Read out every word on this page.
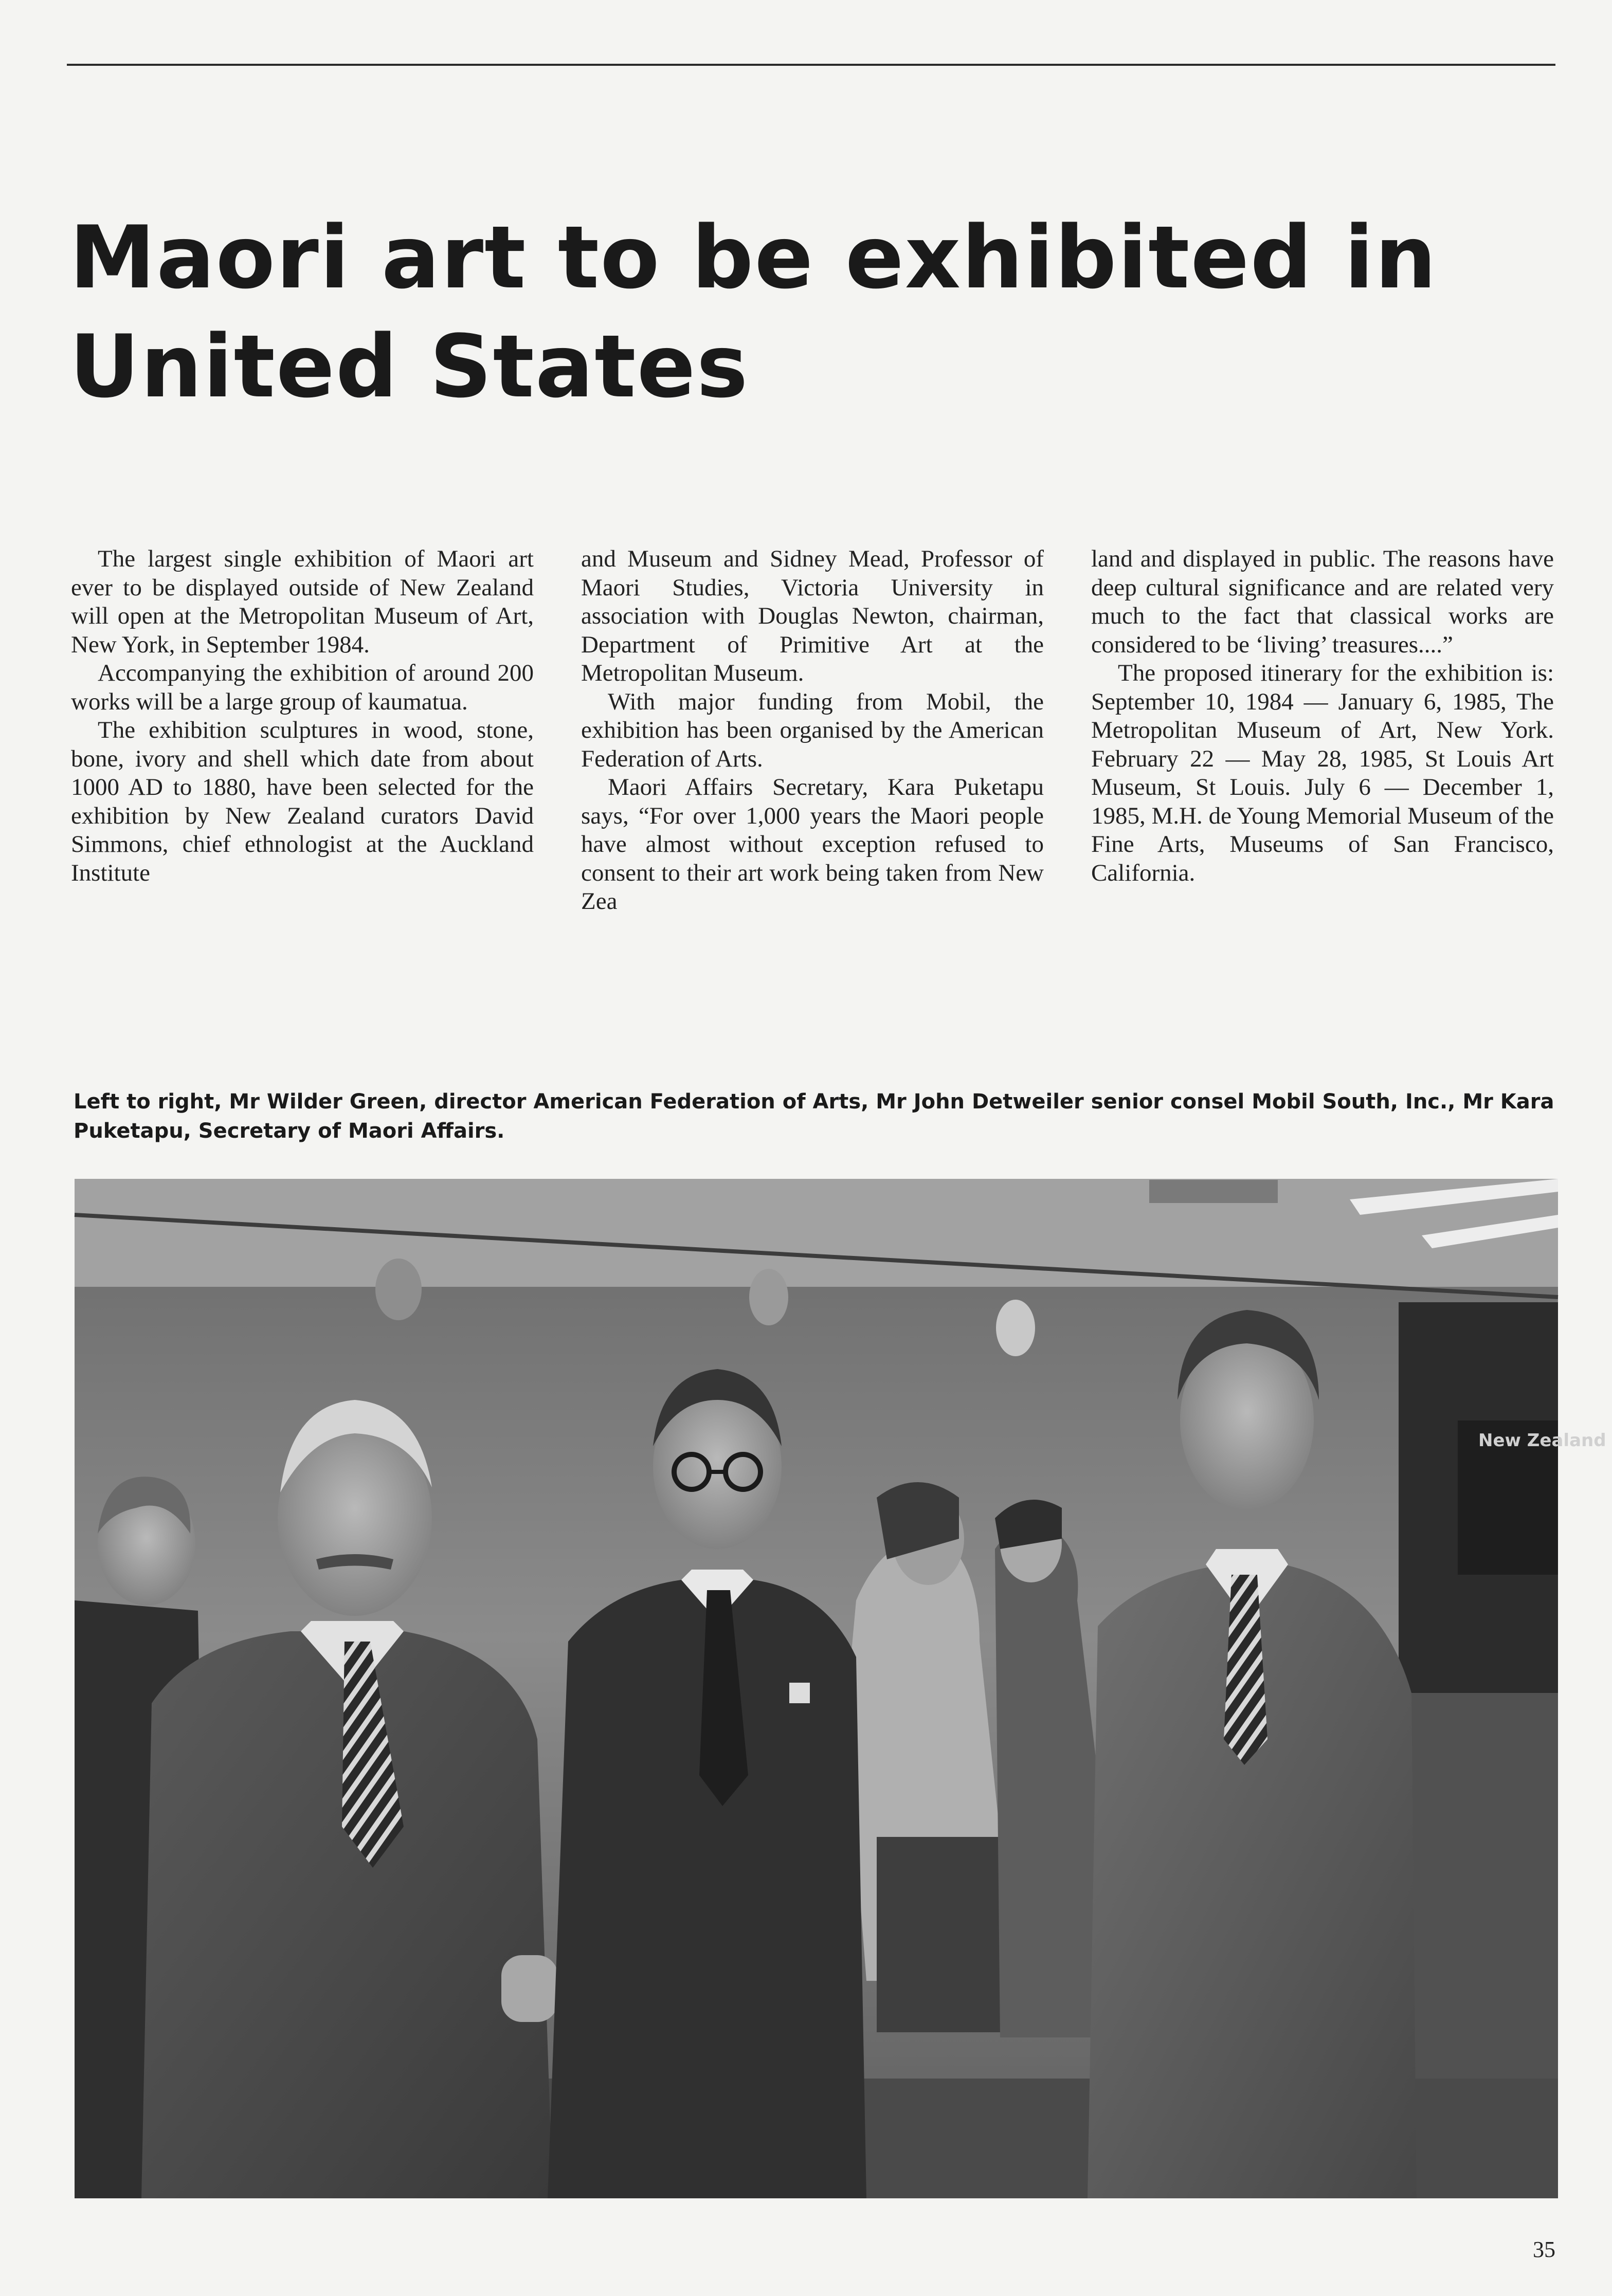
Maori art to be exhibited in United States

The largest single exhibition of Maori art ever to be displayed outside of New Zealand will open at the Metropolitan Museum of Art, New York, in September 1984.

Accompanying the exhibition of around 200 works will be a large group of kaumatua.

The exhibition sculptures in wood, stone, bone, ivory and shell which date from about 1000 AD to 1880, have been selected for the exhibition by New Zealand curators David Simmons, chief ethnologist at the Auckland Institute

and Museum and Sidney Mead, Professor of Maori Studies, Victoria University in association with Douglas Newton, chairman, Department of Primitive Art at the Metropolitan Museum.

With major funding from Mobil, the exhibition has been organised by the American Federation of Arts.

Maori Affairs Secretary, Kara Puketapu says, “For over 1,000 years the Maori people have almost without exception refused to consent to their art work being taken from New Zea

land and displayed in public. The reasons have deep cultural significance and are related very much to the fact that classical works are considered to be ‘living’ treasures....”

The proposed itinerary for the exhibition is: September 10, 1984 — January 6, 1985, The Metropolitan Museum of Art, New York. February 22 — May 28, 1985, St Louis Art Museum, St Louis. July 6 — December 1, 1985, M.H. de Young Memorial Museum of the Fine Arts, Museums of San Francisco, California.

Left to right, Mr Wilder Green, director American Federation of Arts, Mr John Detweiler senior consel Mobil South, Inc., Mr Kara Puketapu, Secretary of Maori Affairs.

New Zealand
35
